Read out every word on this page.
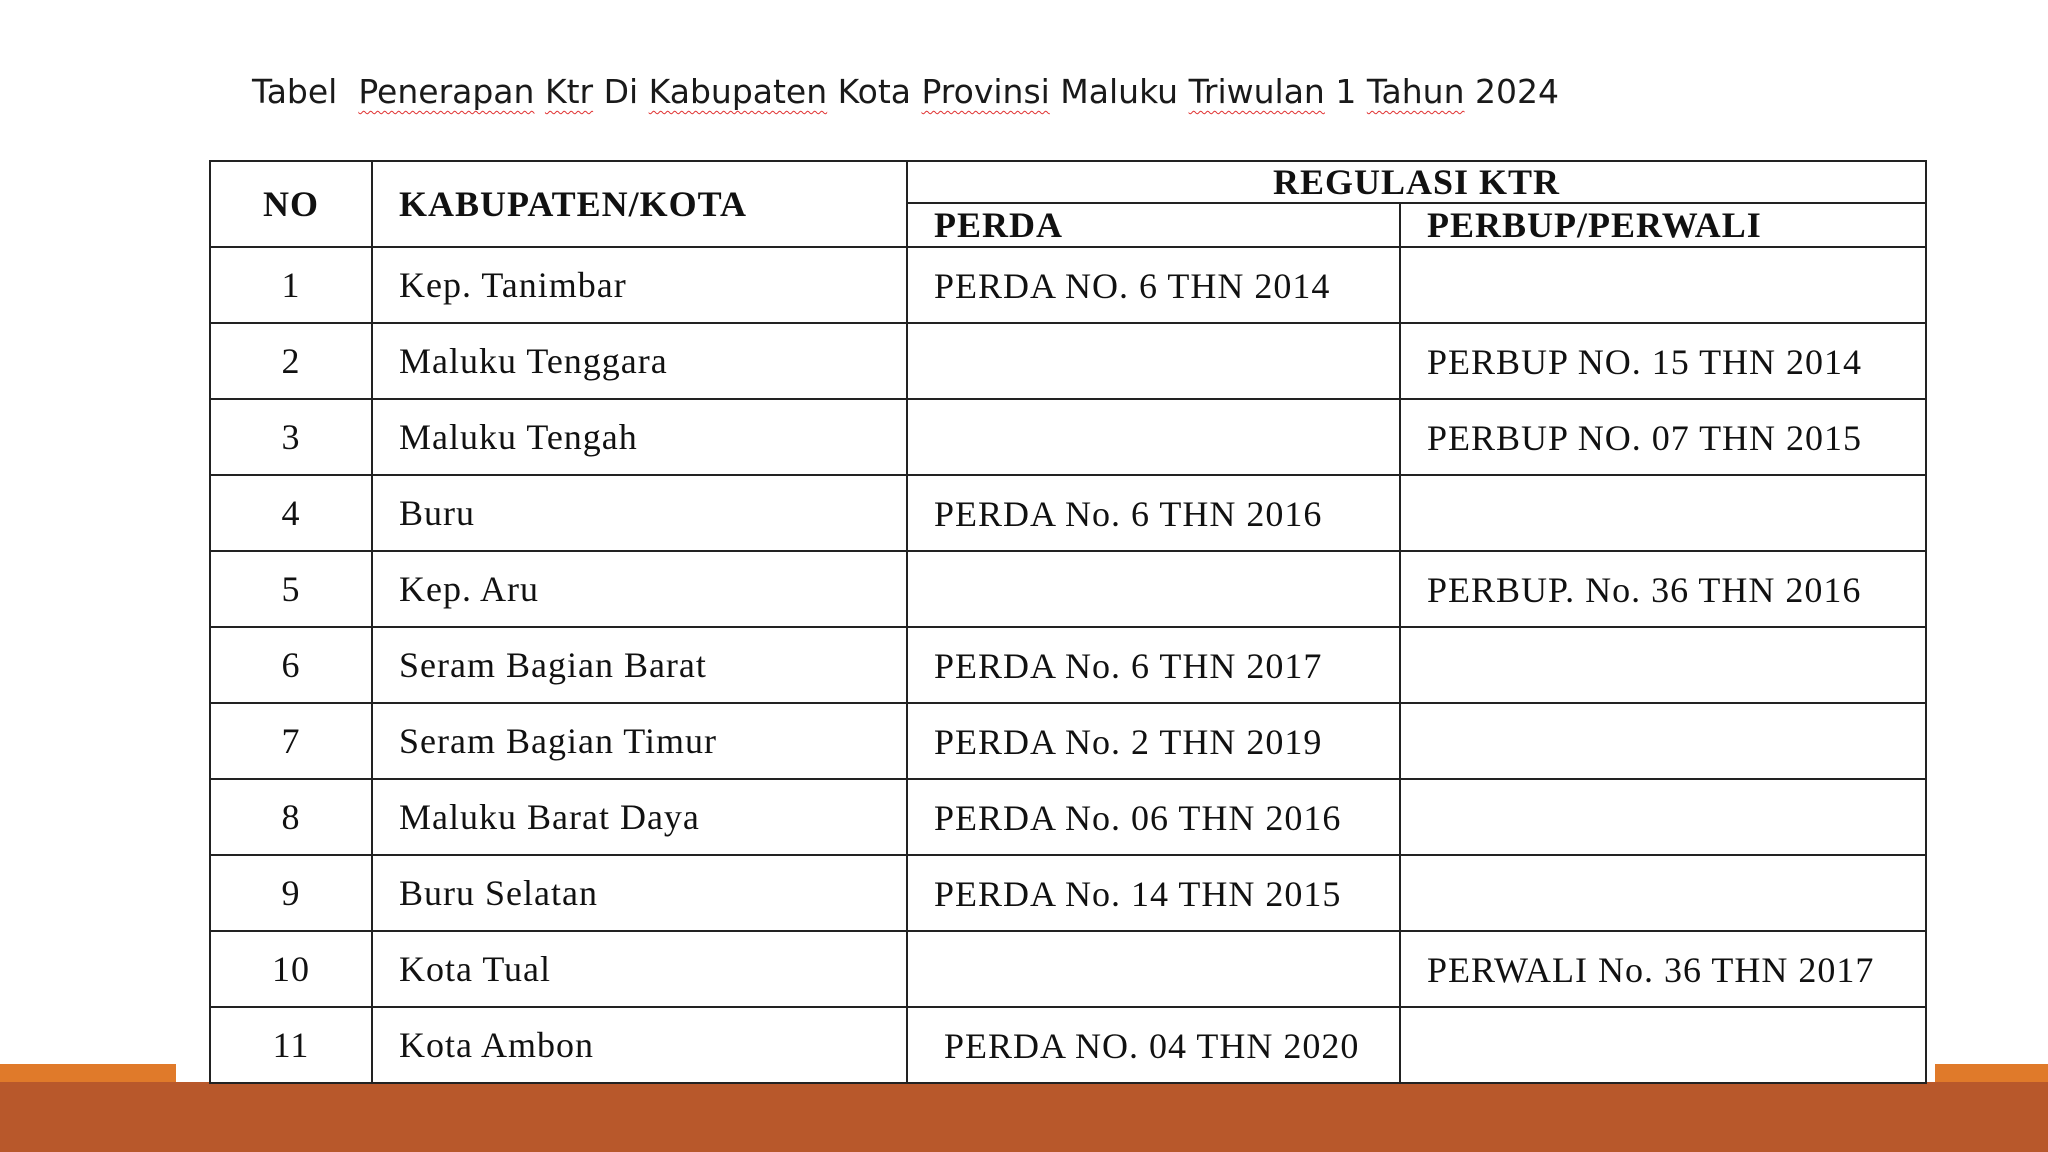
Tabel  Penerapan Ktr Di Kabupaten Kota Provinsi Maluku Triwulan 1 Tahun 2024
NO	KABUPATEN/KOTA	REGULASI KTR	
		PERDA	PERBUP/PERWALI
1	Kep. Tanimbar	PERDA NO. 6 THN 2014	
2	Maluku Tenggara		PERBUP NO. 15 THN 2014
3	Maluku Tengah		PERBUP NO. 07 THN 2015
4	Buru	PERDA No. 6 THN 2016	
5	Kep. Aru		PERBUP. No. 36 THN 2016
6	Seram Bagian Barat	PERDA No. 6 THN 2017	
7	Seram Bagian Timur	PERDA No. 2 THN 2019	
8	Maluku Barat Daya	PERDA No. 06 THN 2016	
9	Buru Selatan	PERDA No. 14 THN 2015	
10	Kota Tual		PERWALI No. 36 THN 2017
11	Kota Ambon	PERDA NO. 04 THN 2020	
